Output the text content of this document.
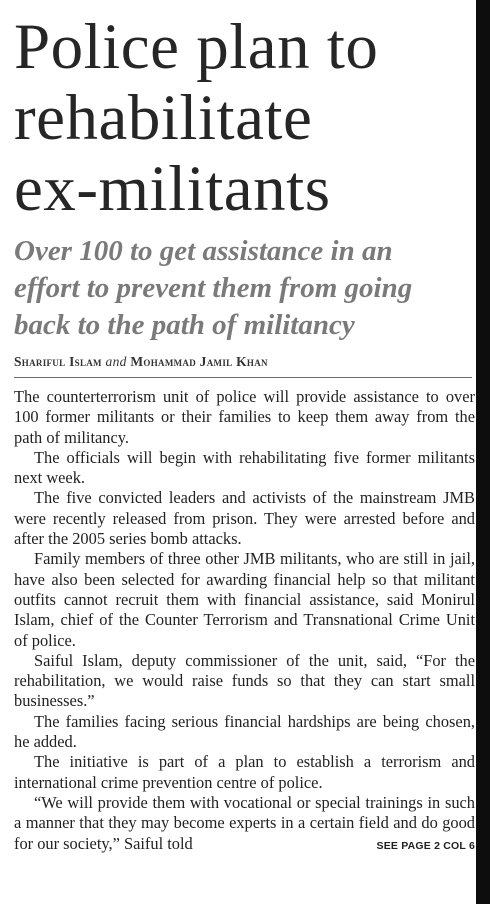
Police plan to
rehabilitate
ex-militants
Over 100 to get assistance in an
effort to prevent them from going
back to the path of militancy
Shariful Islam and Mohammad Jamil Khan

The counterterrorism unit of police will provide assistance to over 100 former militants or their families to keep them away from the path of militancy.

The officials will begin with rehabilitating five former militants next week.

The five convicted leaders and activists of the mainstream JMB were recently released from prison. They were arrested before and after the 2005 series bomb attacks.

Family members of three other JMB militants, who are still in jail, have also been selected for awarding financial help so that militant outfits cannot recruit them with financial assistance, said Monirul Islam, chief of the Counter Terrorism and Transnational Crime Unit of police.

Saiful Islam, deputy commissioner of the unit, said, “For the rehabilitation, we would raise funds so that they can start small businesses.”

The families facing serious financial hardships are being chosen, he added.

The initiative is part of a plan to establish a terrorism and international crime prevention centre of police.

“We will provide them with vocational or special trainings in such a manner that they may become experts in a certain field and do good for our society,” Saiful told	SEE PAGE 2 COL 6
